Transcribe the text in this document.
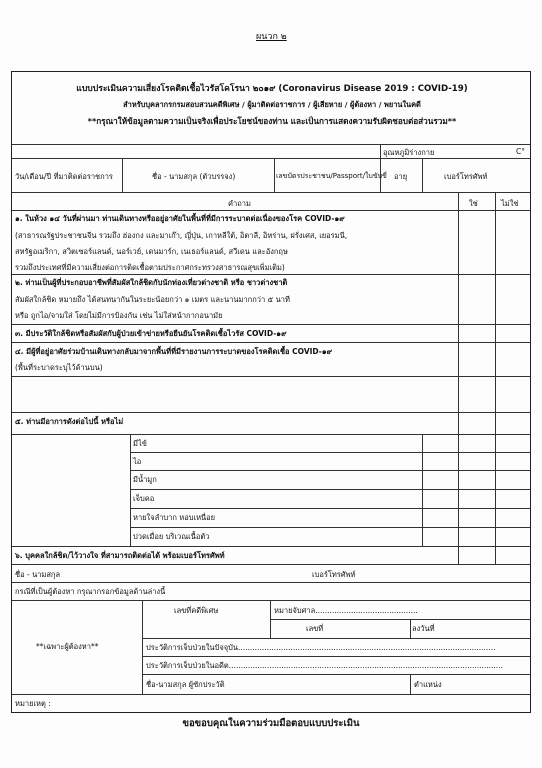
ผนวก ๒
แบบประเมินความเสี่ยงโรคติดเชื้อไวรัสโคโรนา ๒๐๑๙ (Coronavirus Disease 2019 : COVID-19)
สำหรับบุคลากรกรมสอบสวนคดีพิเศษ / ผู้มาติดต่อราชการ / ผู้เสียหาย / ผู้ต้องหา / พยานในคดี
**กรุณาให้ข้อมูลตามความเป็นจริงเพื่อประโยชน์ของท่าน และเป็นการแสดงความรับผิดชอบต่อส่วนรวม**
อุณหภูมิร่างกาย	C°
วัน/เดือน/ปี ที่มาติดต่อราชการ	ชื่อ - นามสกุล (ตัวบรรจง)	เลขบัตรประชาชน/Passport/ใบขับขี่ อายุ	เบอร์โทรศัพท์
คำถาม	ใช่	ไม่ใช่
๑. ในห้วง ๑๔ วันที่ผ่านมา ท่านเดินทางหรืออยู่อาศัยในพื้นที่ที่มีการระบาดต่อเนื่องของโรค COVID-๑๙
(สาธารณรัฐประชาชนจีน รวมถึง ฮ่องกง และมาเก๊า, ญี่ปุ่น, เกาหลีใต้, อิตาลี, อิหร่าน, ฝรั่งเศส, เยอรมนี,
สหรัฐอเมริกา, สวิตเซอร์แลนด์, นอร์เวย์, เดนมาร์ก, เนเธอร์แลนด์, สวีเดน และอังกฤษ
รวมถึงประเทศที่มีความเสี่ยงต่อการติดเชื้อตามประกาศกระทรวงสาธารณสุขเพิ่มเติม)
๒. ท่านเป็นผู้ที่ประกอบอาชีพที่สัมผัสใกล้ชิดกับนักท่องเที่ยวต่างชาติ หรือ ชาวต่างชาติ
สัมผัสใกล้ชิด หมายถึง ได้สนทนากันในระยะน้อยกว่า ๑ เมตร และนานมากกว่า ๕ นาที
หรือ ถูกไอ/จามใส่ โดยไม่มีการป้องกัน เช่น ไม่ใส่หน้ากากอนามัย
๓. มีประวัติใกล้ชิดหรือสัมผัสกับผู้ป่วยเข้าข่ายหรือยืนยันโรคติดเชื้อไวรัส COVID-๑๙
๔. มีผู้ที่อยู่อาศัยร่วมบ้านเดินทางกลับมาจากพื้นที่ที่มีรายงานการระบาดของโรคติดเชื้อ COVID-๑๙
(พื้นที่ระบาดระบุไว้ด้านบน)
๕. ท่านมีอาการดังต่อไปนี้ หรือไม่
มีไข้
ไอ
มีน้ำมูก
เจ็บคอ
หายใจลำบาก หอบเหนื่อย
ปวดเมื่อย บริเวณเนื้อตัว
๖. บุคคลใกล้ชิด/ไว้วางใจ ที่สามารถติดต่อได้ พร้อมเบอร์โทรศัพท์
ชื่อ - นามสกุล	เบอร์โทรศัพท์
กรณีที่เป็นผู้ต้องหา กรุณากรอกข้อมูลด้านล่างนี้
**เฉพาะผู้ต้องหา**
เลขที่คดีพิเศษ	หมายจับศาล...........................................
เลขที่	ลงวันที่
ประวัติการเจ็บป่วยในปัจจุบัน............................................................................................................
ประวัติการเจ็บป่วยในอดีต...................................................................................................................
ชื่อ-นามสกุล ผู้ซักประวัติ	ตำแหน่ง
หมายเหตุ :
ขอขอบคุณในความร่วมมือตอบแบบประเมิน
